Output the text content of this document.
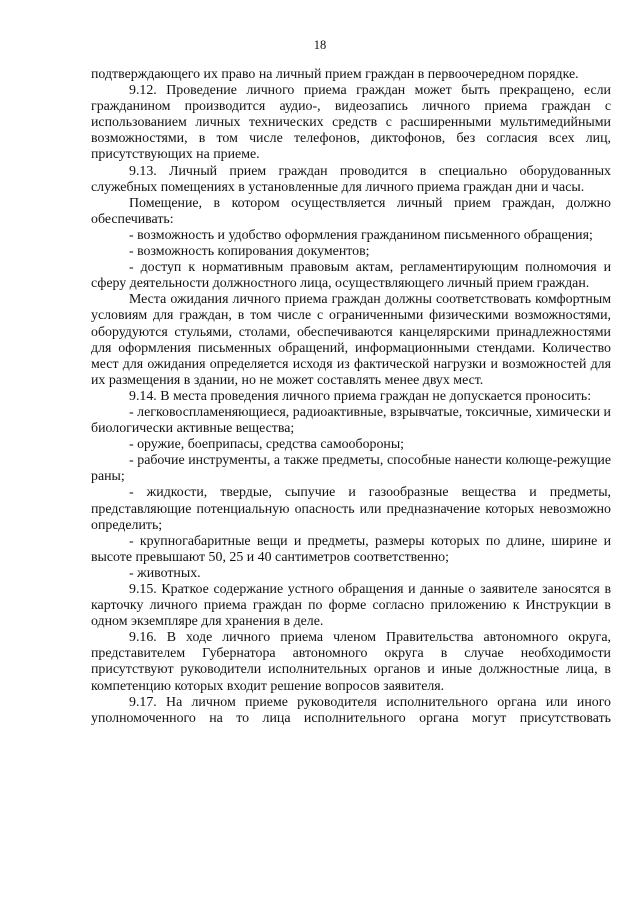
18

подтверждающего их право на личный прием граждан в первоочередном порядке.

9.12. Проведение личного приема граждан может быть прекращено, если гражданином производится аудио-, видеозапись личного приема граждан с использованием личных технических средств с расширенными мультимедийными возможностями, в том числе телефонов, диктофонов, без согласия всех лиц, присутствующих на приеме.

9.13. Личный прием граждан проводится в специально оборудованных служебных помещениях в установленные для личного приема граждан дни и часы.

Помещение, в котором осуществляется личный прием граждан, должно обеспечивать:

- возможность и удобство оформления гражданином письменного обращения;

- возможность копирования документов;

- доступ к нормативным правовым актам, регламентирующим полномочия и сферу деятельности должностного лица, осуществляющего личный прием граждан.

Места ожидания личного приема граждан должны соответствовать комфортным условиям для граждан, в том числе с ограниченными физическими возможностями, оборудуются стульями, столами, обеспечиваются канцелярскими принадлежностями для оформления письменных обращений, информационными стендами. Количество мест для ожидания определяется исходя из фактической нагрузки и возможностей для их размещения в здании, но не может составлять менее двух мест.

9.14. В места проведения личного приема граждан не допускается проносить:

- легковоспламеняющиеся, радиоактивные, взрывчатые, токсичные, химически и биологически активные вещества;

- оружие, боеприпасы, средства самообороны;

- рабочие инструменты, а также предметы, способные нанести колюще-режущие раны;

- жидкости, твердые, сыпучие и газообразные вещества и предметы, представляющие потенциальную опасность или предназначение которых невозможно определить;

- крупногабаритные вещи и предметы, размеры которых по длине, ширине и высоте превышают 50, 25 и 40 сантиметров соответственно;

- животных.

9.15. Краткое содержание устного обращения и данные о заявителе заносятся в карточку личного приема граждан по форме согласно приложению к Инструкции в одном экземпляре для хранения в деле.

9.16. В ходе личного приема членом Правительства автономного округа, представителем Губернатора автономного округа в случае необходимости присутствуют руководители исполнительных органов и иные должностные лица, в компетенцию которых входит решение вопросов заявителя.

9.17. На личном приеме руководителя исполнительного органа или иного уполномоченного на то лица исполнительного органа могут присутствовать
